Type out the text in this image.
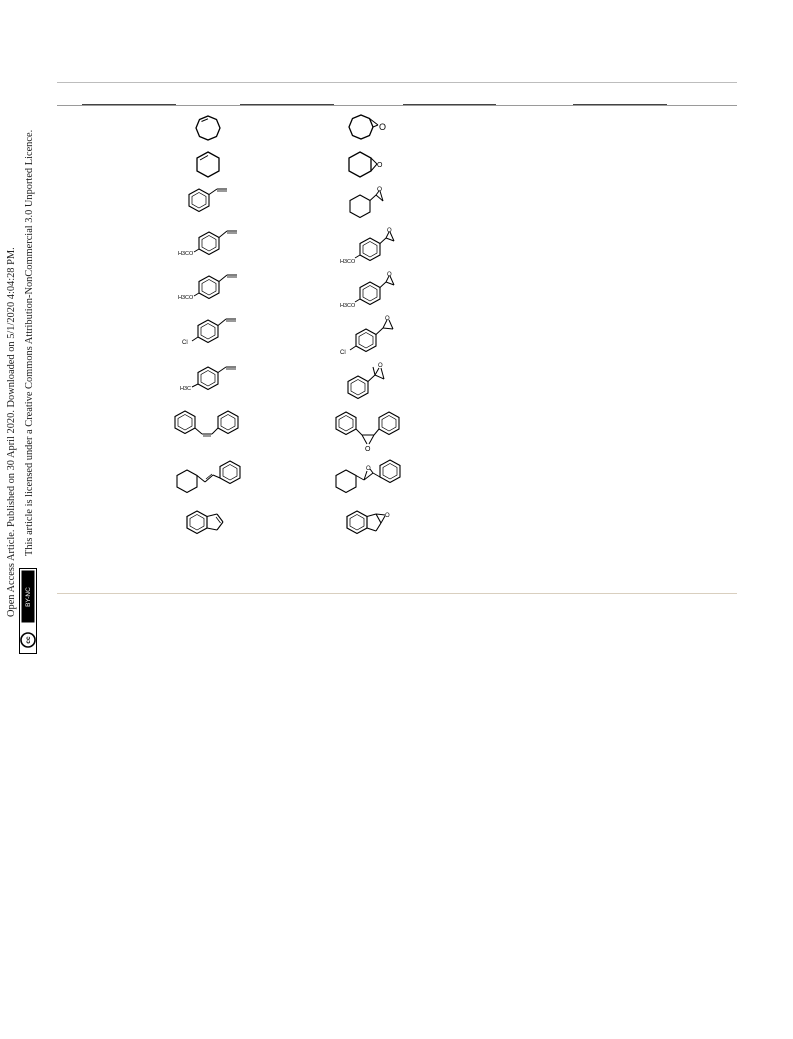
Open Access Article. Published on 30 April 2020. Downloaded on 5/1/2020 4:04:28 PM. This article is licensed under a Creative Commons Attribution-NonCommercial 3.0 Unported Licence.
cc
BY-NC
O
O
O
H3CO
O
H3CO
H3CO
O
H3CO
Cl
O
Cl
H3C
O
O
O
O
